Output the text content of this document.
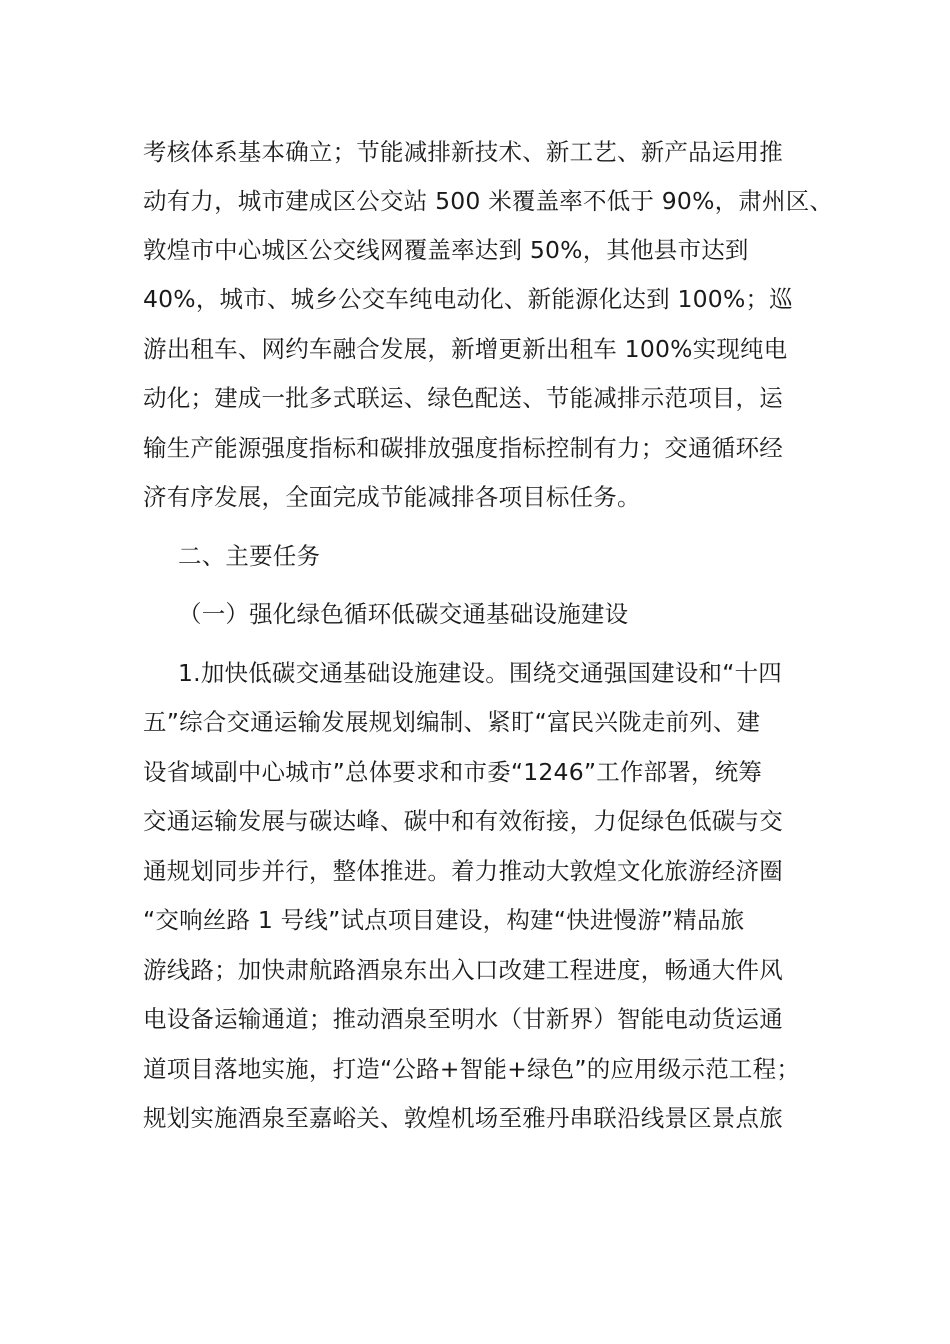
考核体系基本确立；节能减排新技术、新工艺、新产品运用推
动有力，城市建成区公交站 500 米覆盖率不低于 90%，肃州区、
敦煌市中心城区公交线网覆盖率达到 50%，其他县市达到
40%，城市、城乡公交车纯电动化、新能源化达到 100%；巡
游出租车、网约车融合发展，新增更新出租车 100%实现纯电
动化；建成一批多式联运、绿色配送、节能减排示范项目，运
输生产能源强度指标和碳排放强度指标控制有力；交通循环经
济有序发展，全面完成节能减排各项目标任务。
二、主要任务
（一）强化绿色循环低碳交通基础设施建设
1.加快低碳交通基础设施建设。围绕交通强国建设和“十四
五”综合交通运输发展规划编制、紧盯“富民兴陇走前列、建
设省域副中心城市”总体要求和市委“1246”工作部署，统筹
交通运输发展与碳达峰、碳中和有效衔接，力促绿色低碳与交
通规划同步并行，整体推进。着力推动大敦煌文化旅游经济圈
“交响丝路 1 号线”试点项目建设，构建“快进慢游”精品旅
游线路；加快肃航路酒泉东出入口改建工程进度，畅通大件风
电设备运输通道；推动酒泉至明水（甘新界）智能电动货运通
道项目落地实施，打造“公路+智能+绿色”的应用级示范工程；
规划实施酒泉至嘉峪关、敦煌机场至雅丹串联沿线景区景点旅
